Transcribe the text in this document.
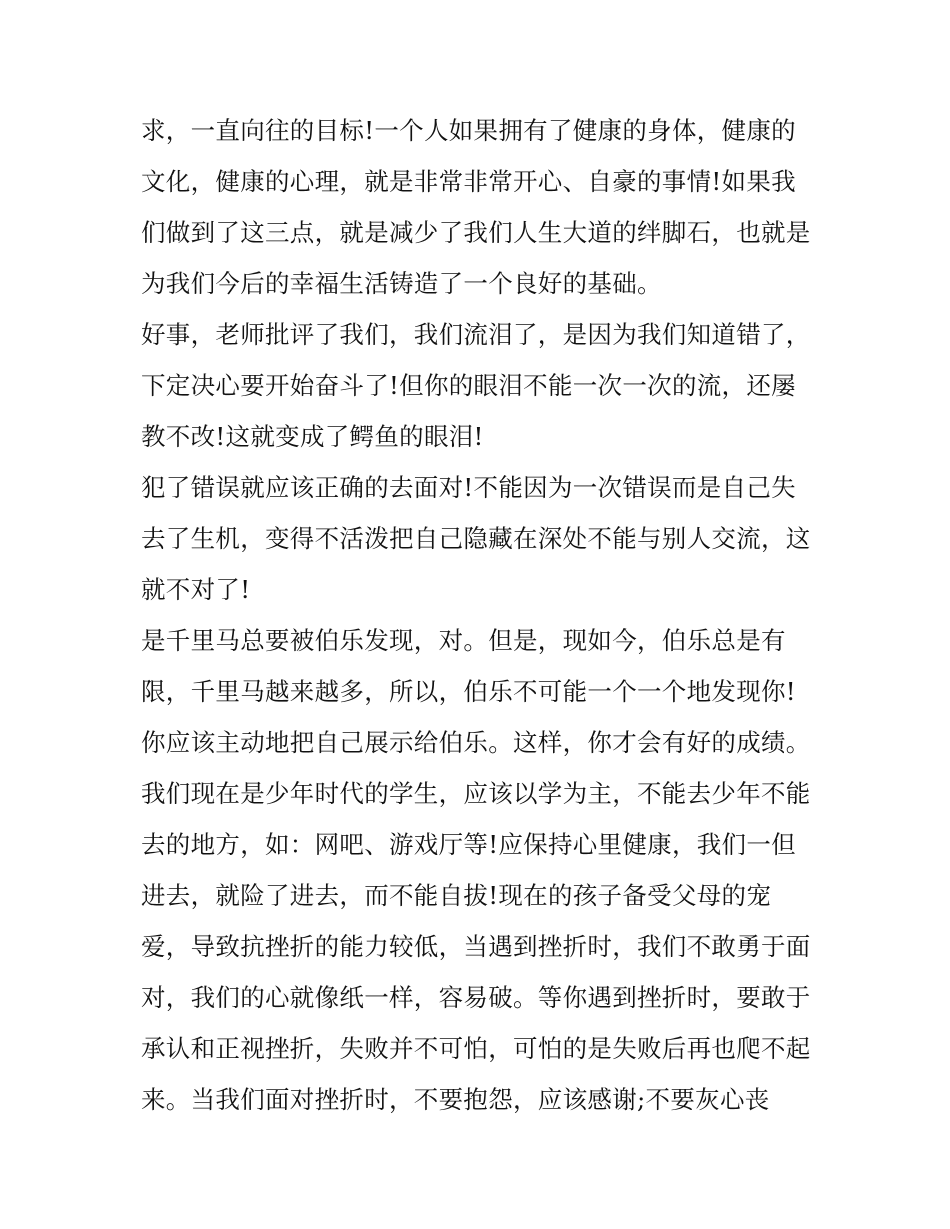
求，一直向往的目标!一个人如果拥有了健康的身体，健康的
文化，健康的心理，就是非常非常开心、自豪的事情!如果我
们做到了这三点，就是减少了我们人生大道的绊脚石，也就是
为我们今后的幸福生活铸造了一个良好的基础。
好事，老师批评了我们，我们流泪了，是因为我们知道错了，
下定决心要开始奋斗了!但你的眼泪不能一次一次的流，还屡
教不改!这就变成了鳄鱼的眼泪!
犯了错误就应该正确的去面对!不能因为一次错误而是自己失
去了生机，变得不活泼把自己隐藏在深处不能与别人交流，这
就不对了!
是千里马总要被伯乐发现，对。但是，现如今，伯乐总是有
限，千里马越来越多，所以，伯乐不可能一个一个地发现你!
你应该主动地把自己展示给伯乐。这样，你才会有好的成绩。
我们现在是少年时代的学生，应该以学为主，不能去少年不能
去的地方，如：网吧、游戏厅等!应保持心里健康，我们一但
进去，就险了进去，而不能自拔!现在的孩子备受父母的宠
爱，导致抗挫折的能力较低，当遇到挫折时，我们不敢勇于面
对，我们的心就像纸一样，容易破。等你遇到挫折时，要敢于
承认和正视挫折，失败并不可怕，可怕的是失败后再也爬不起
来。当我们面对挫折时，不要抱怨，应该感谢;不要灰心丧
